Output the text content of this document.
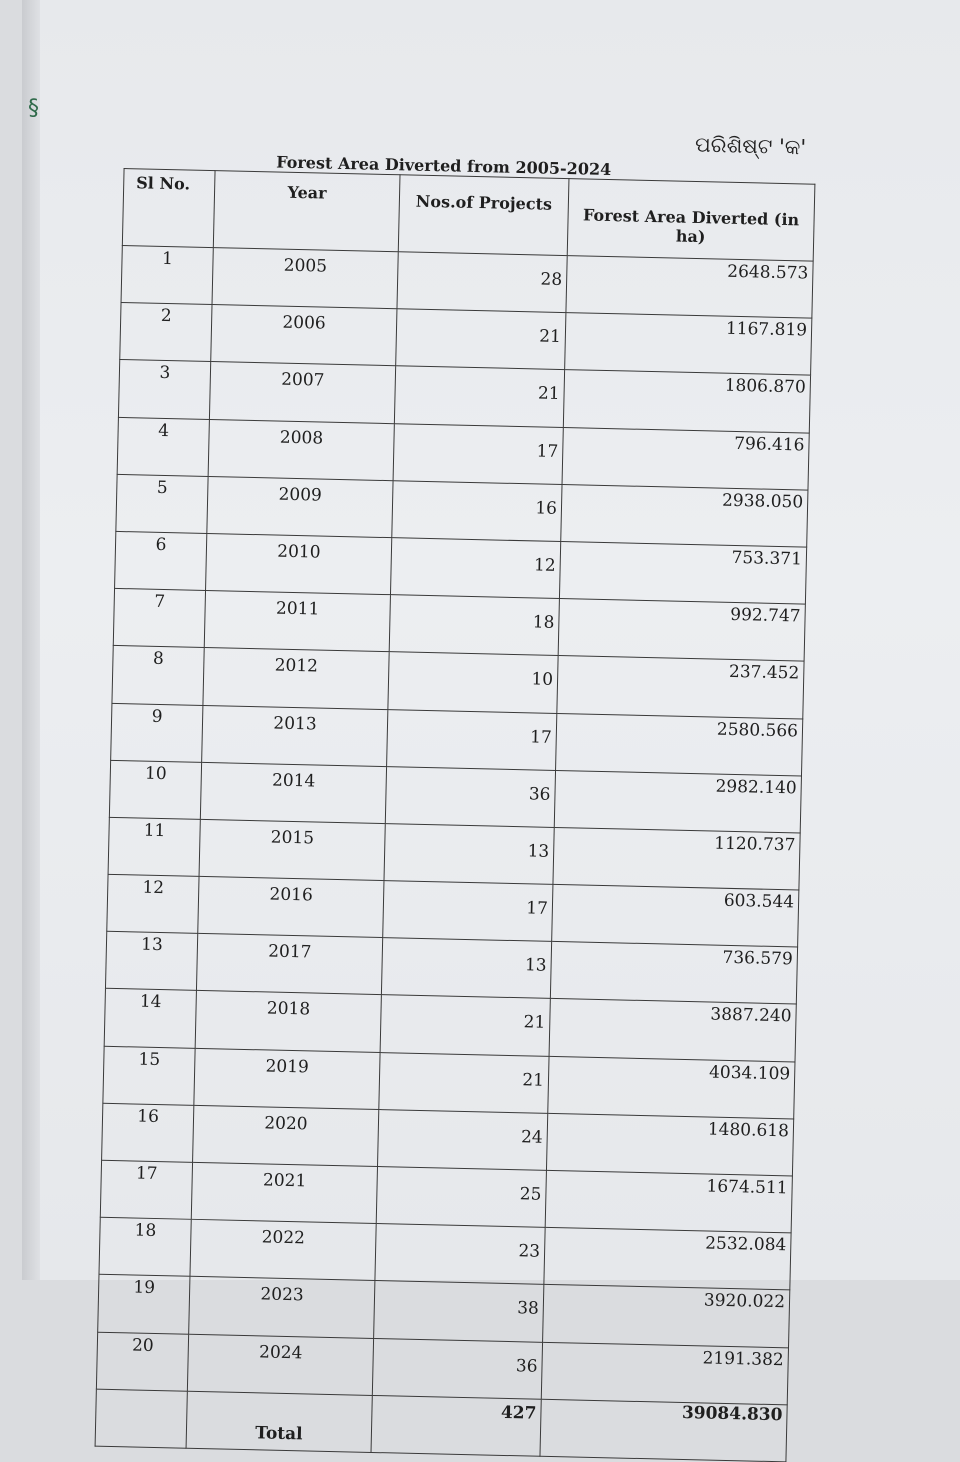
§
ପରିଶିଷ୍ଟ 'କ'
Forest Area Diverted from 2005-2024
Sl No.	Year	Nos.of Projects	Forest Area Diverted (in ha)
1	2005	28	2648.573
2	2006	21	1167.819
3	2007	21	1806.870
4	2008	17	796.416
5	2009	16	2938.050
6	2010	12	753.371
7	2011	18	992.747
8	2012	10	237.452
9	2013	17	2580.566
10	2014	36	2982.140
11	2015	13	1120.737
12	2016	17	603.544
13	2017	13	736.579
14	2018	21	3887.240
15	2019	21	4034.109
16	2020	24	1480.618
17	2021	25	1674.511
18	2022	23	2532.084
19	2023	38	3920.022
20	2024	36	2191.382
	Total	427	39084.830
